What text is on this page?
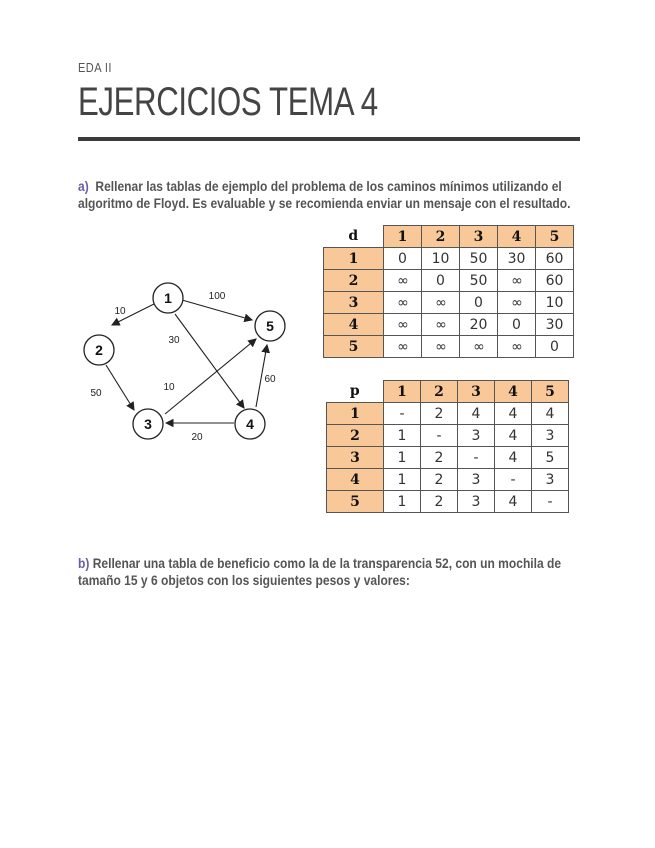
EDA II
EJERCICIOS TEMA 4
a) Rellenar las tablas de ejemplo del problema de los caminos mínimos utilizando el
algoritmo de Floyd. Es evaluable y se recomienda enviar un mensaje con el resultado.
10
100
30
50
10
20
60
1
2
3	4
5
d	1	2	3	4	5
1	0	10	50	30	60
2	∞	0	50	∞	60
3	∞	∞	0	∞	10
4	∞	∞	20	0	30
5	∞	∞	∞	∞	0
p	1	2	3	4	5
1	-	2	4	4	4
2	1	-	3	4	3
3	1	2	-	4	5
4	1	2	3	-	3
5	1	2	3	4	-
b) Rellenar una tabla de beneficio como la de la transparencia 52, con un mochila de
tamaño 15 y 6 objetos con los siguientes pesos y valores:
